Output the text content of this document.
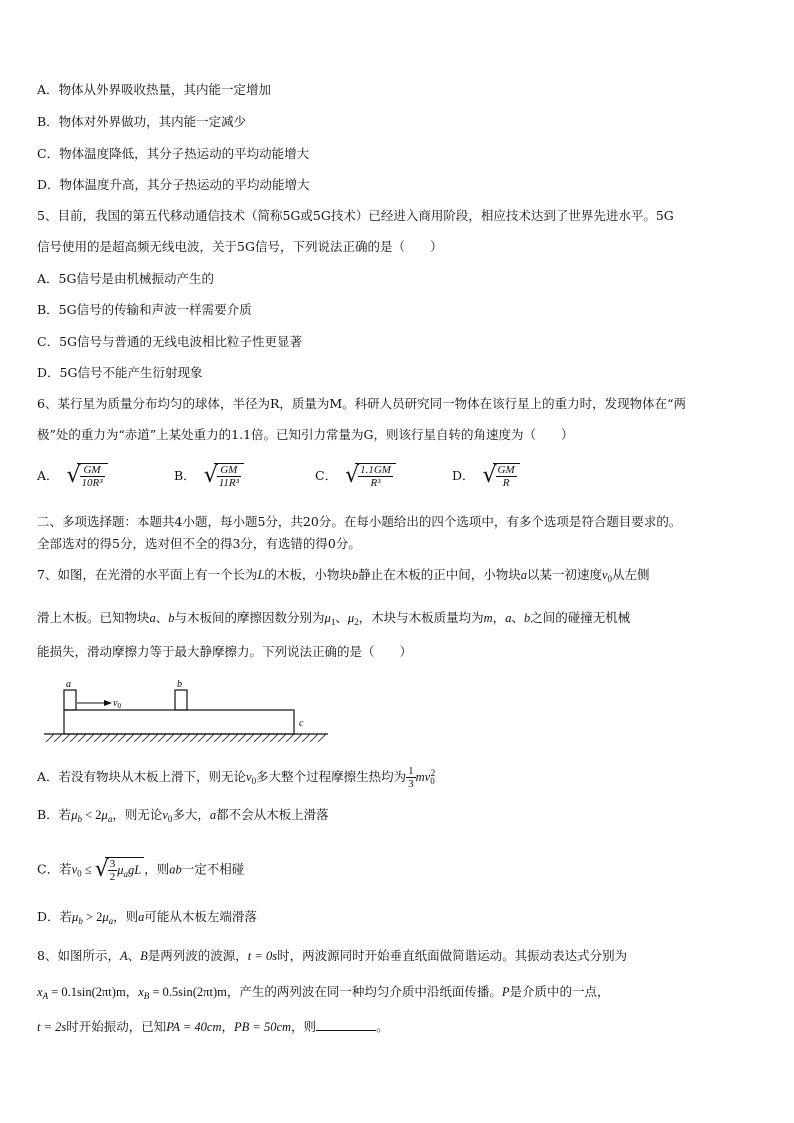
A．物体从外界吸收热量，其内能一定增加
B．物体对外界做功，其内能一定减少
C．物体温度降低，其分子热运动的平均动能增大
D．物体温度升高，其分子热运动的平均动能增大
5、目前，我国的第五代移动通信技术（简称5G或5G技术）已经进入商用阶段，相应技术达到了世界先进水平。5G
信号使用的是超高频无线电波，关于5G信号，下列说法正确的是（　　）
A．5G信号是由机械振动产生的
B．5G信号的传输和声波一样需要介质
C．5G信号与普通的无线电波相比粒子性更显著
D．5G信号不能产生衍射现象
6、某行星为质量分布均匀的球体，半径为R，质量为M。科研人员研究同一物体在该行星上的重力时，发现物体在“两
极”处的重力为“赤道”上某处重力的1.1倍。已知引力常量为G，则该行星自转的角速度为（　　）
A． √
$\frac{GM}{\text{10R³}}$	B． √
$\frac{GM}{\text{11R³}}$	C． √
$\frac{1.1GM}{\text{R³}}$	D． √
$\frac{GM}{R}$
二、多项选择题：本题共4小题，每小题5分，共20分。在每小题给出的四个选项中，有多个选项是符合题目要求的。
全部选对的得5分，选对但不全的得3分，有选错的得0分。
7、如图，在光滑的水平面上有一个长为L的木板，小物块b静止在木板的正中间，小物块a以某一初速度$v_0$从左侧
滑上木板。已知物块a、b与木板间的摩擦因数分别为$\mu_1$、$\mu_2$，木块与木板质量均为m，a、b之间的碰撞无机械
能损失，滑动摩擦力等于最大静摩擦力。下列说法正确的是（　　）
a	b
$v_0$
c
A．若没有物块从木板上滑下，则无论$v_0$多大整个过程摩擦生热均为 $\frac{1}{3} mv_0^2$
B．若$\mu_b < 2\mu_a$，则无论$v_0$多大，a都不会从木板上滑落
C．若$v_0$ ≤ √
$\frac{3}{2} \mu_agL$ ，则ab一定不相碰
D．若$\mu_b > 2\mu_a$，则a可能从木板左端滑落
8、如图所示，A、B是两列波的波源，t = 0s时，两波源同时开始垂直纸面做简谐运动。其振动表达式分别为
$x_A = 0.1\sin(2\pi t)m$，$x_B = 0.5\sin(2\pi t)m$，产生的两列波在同一种均匀介质中沿纸面传播。P是介质中的一点，
t = 2s时开始振动，已知PA = 40cm，PB = 50cm，则	。
